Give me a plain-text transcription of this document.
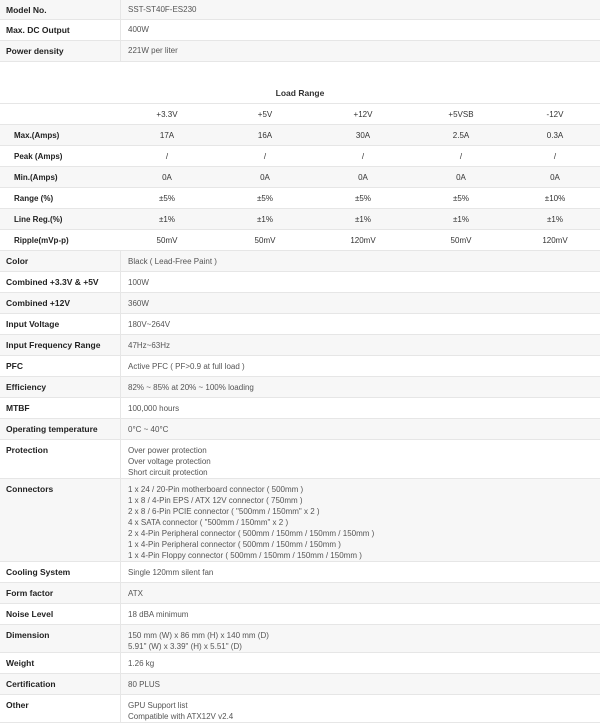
Model No.	SST-ST40F-ES230
Max. DC Output	400W
Power density	221W per liter
Load Range
+3.3V	+5V	+12V	+5VSB	-12V
Max.(Amps)	17A	16A	30A	2.5A	0.3A
Peak (Amps)	/	/	/	/	/
Min.(Amps)	0A	0A	0A	0A	0A
Range (%)	±5%	±5%	±5%	±5%	±10%
Line Reg.(%)	±1%	±1%	±1%	±1%	±1%
Ripple(mVp-p)	50mV	50mV	120mV	50mV	120mV
Color	Black ( Lead-Free Paint )
Combined +3.3V & +5V	100W
Combined +12V	360W
Input Voltage	180V~264V
Input Frequency Range	47Hz~63Hz
PFC	Active PFC ( PF>0.9 at full load )
Efficiency	82% ~ 85% at 20% ~ 100% loading
MTBF	100,000 hours
Operating temperature	0°C ~ 40°C
Protection	Over power protection
Over voltage protection
Short circuit protection
Connectors	1 x 24 / 20-Pin motherboard connector ( 500mm )
1 x 8 / 4-Pin EPS / ATX 12V connector ( 750mm )
2 x 8 / 6-Pin PCIE connector ( "500mm / 150mm" x 2 )
4 x SATA connector ( "500mm / 150mm" x 2 )
2 x 4-Pin Peripheral connector ( 500mm / 150mm / 150mm / 150mm )
1 x 4-Pin Peripheral connector ( 500mm / 150mm / 150mm )
1 x 4-Pin Floppy connector ( 500mm / 150mm / 150mm / 150mm )
Cooling System	Single 120mm silent fan
Form factor	ATX
Noise Level	18 dBA minimum
Dimension	150 mm (W) x 86 mm (H) x 140 mm (D)
5.91" (W) x 3.39" (H) x 5.51" (D)
Weight	1.26 kg
Certification	80 PLUS
Other	GPU Support list
Compatible with ATX12V v2.4
